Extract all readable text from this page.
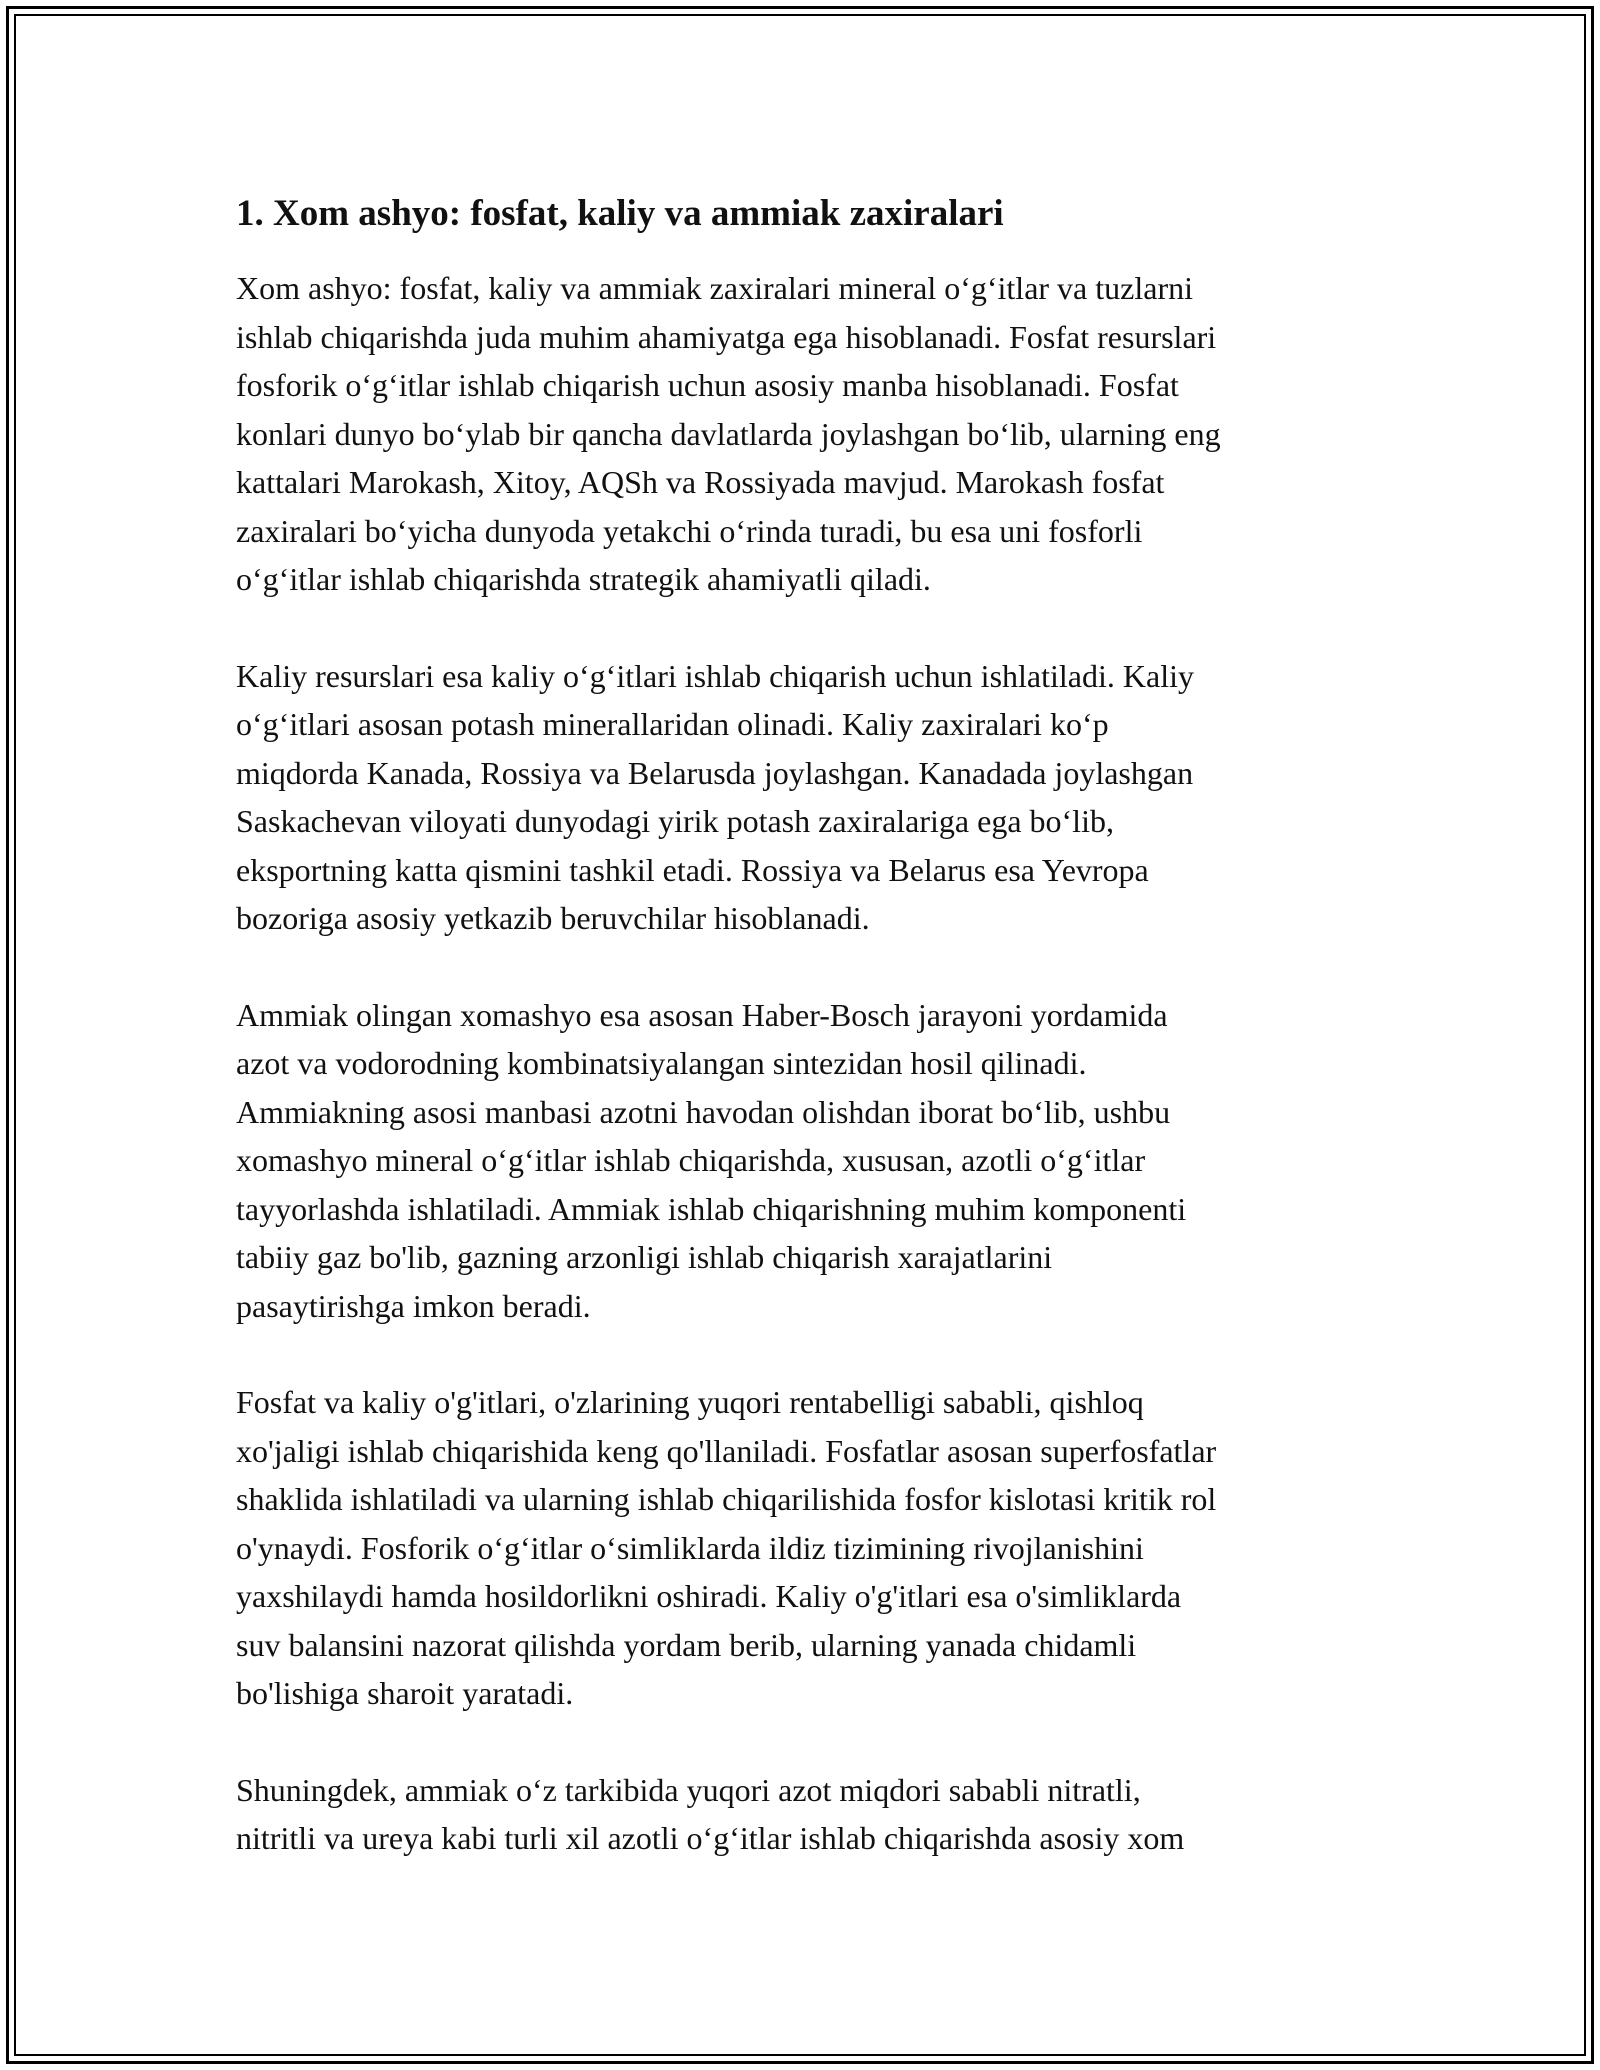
1. Xom ashyo: fosfat, kaliy va ammiak zaxiralari

Xom ashyo: fosfat, kaliy va ammiak zaxiralari mineral o‘g‘itlar va tuzlarni
ishlab chiqarishda juda muhim ahamiyatga ega hisoblanadi. Fosfat resurslari
fosforik o‘g‘itlar ishlab chiqarish uchun asosiy manba hisoblanadi. Fosfat
konlari dunyo bo‘ylab bir qancha davlatlarda joylashgan bo‘lib, ularning eng
kattalari Marokash, Xitoy, AQSh va Rossiyada mavjud. Marokash fosfat
zaxiralari bo‘yicha dunyoda yetakchi o‘rinda turadi, bu esa uni fosforli
o‘g‘itlar ishlab chiqarishda strategik ahamiyatli qiladi.

Kaliy resurslari esa kaliy o‘g‘itlari ishlab chiqarish uchun ishlatiladi. Kaliy
o‘g‘itlari asosan potash minerallaridan olinadi. Kaliy zaxiralari ko‘p
miqdorda Kanada, Rossiya va Belarusda joylashgan. Kanadada joylashgan
Saskachevan viloyati dunyodagi yirik potash zaxiralariga ega bo‘lib,
eksportning katta qismini tashkil etadi. Rossiya va Belarus esa Yevropa
bozoriga asosiy yetkazib beruvchilar hisoblanadi.

Ammiak olingan xomashyo esa asosan Haber-Bosch jarayoni yordamida
azot va vodorodning kombinatsiyalangan sintezidan hosil qilinadi.
Ammiakning asosi manbasi azotni havodan olishdan iborat bo‘lib, ushbu
xomashyo mineral o‘g‘itlar ishlab chiqarishda, xususan, azotli o‘g‘itlar
tayyorlashda ishlatiladi. Ammiak ishlab chiqarishning muhim komponenti
tabiiy gaz bo'lib, gazning arzonligi ishlab chiqarish xarajatlarini
pasaytirishga imkon beradi.

Fosfat va kaliy o'g'itlari, o'zlarining yuqori rentabelligi sababli, qishloq
xo'jaligi ishlab chiqarishida keng qo'llaniladi. Fosfatlar asosan superfosfatlar
shaklida ishlatiladi va ularning ishlab chiqarilishida fosfor kislotasi kritik rol
o'ynaydi. Fosforik o‘g‘itlar o‘simliklarda ildiz tizimining rivojlanishini
yaxshilaydi hamda hosildorlikni oshiradi. Kaliy o'g'itlari esa o'simliklarda
suv balansini nazorat qilishda yordam berib, ularning yanada chidamli
bo'lishiga sharoit yaratadi.

Shuningdek, ammiak o‘z tarkibida yuqori azot miqdori sababli nitratli,
nitritli va ureya kabi turli xil azotli o‘g‘itlar ishlab chiqarishda asosiy xom
